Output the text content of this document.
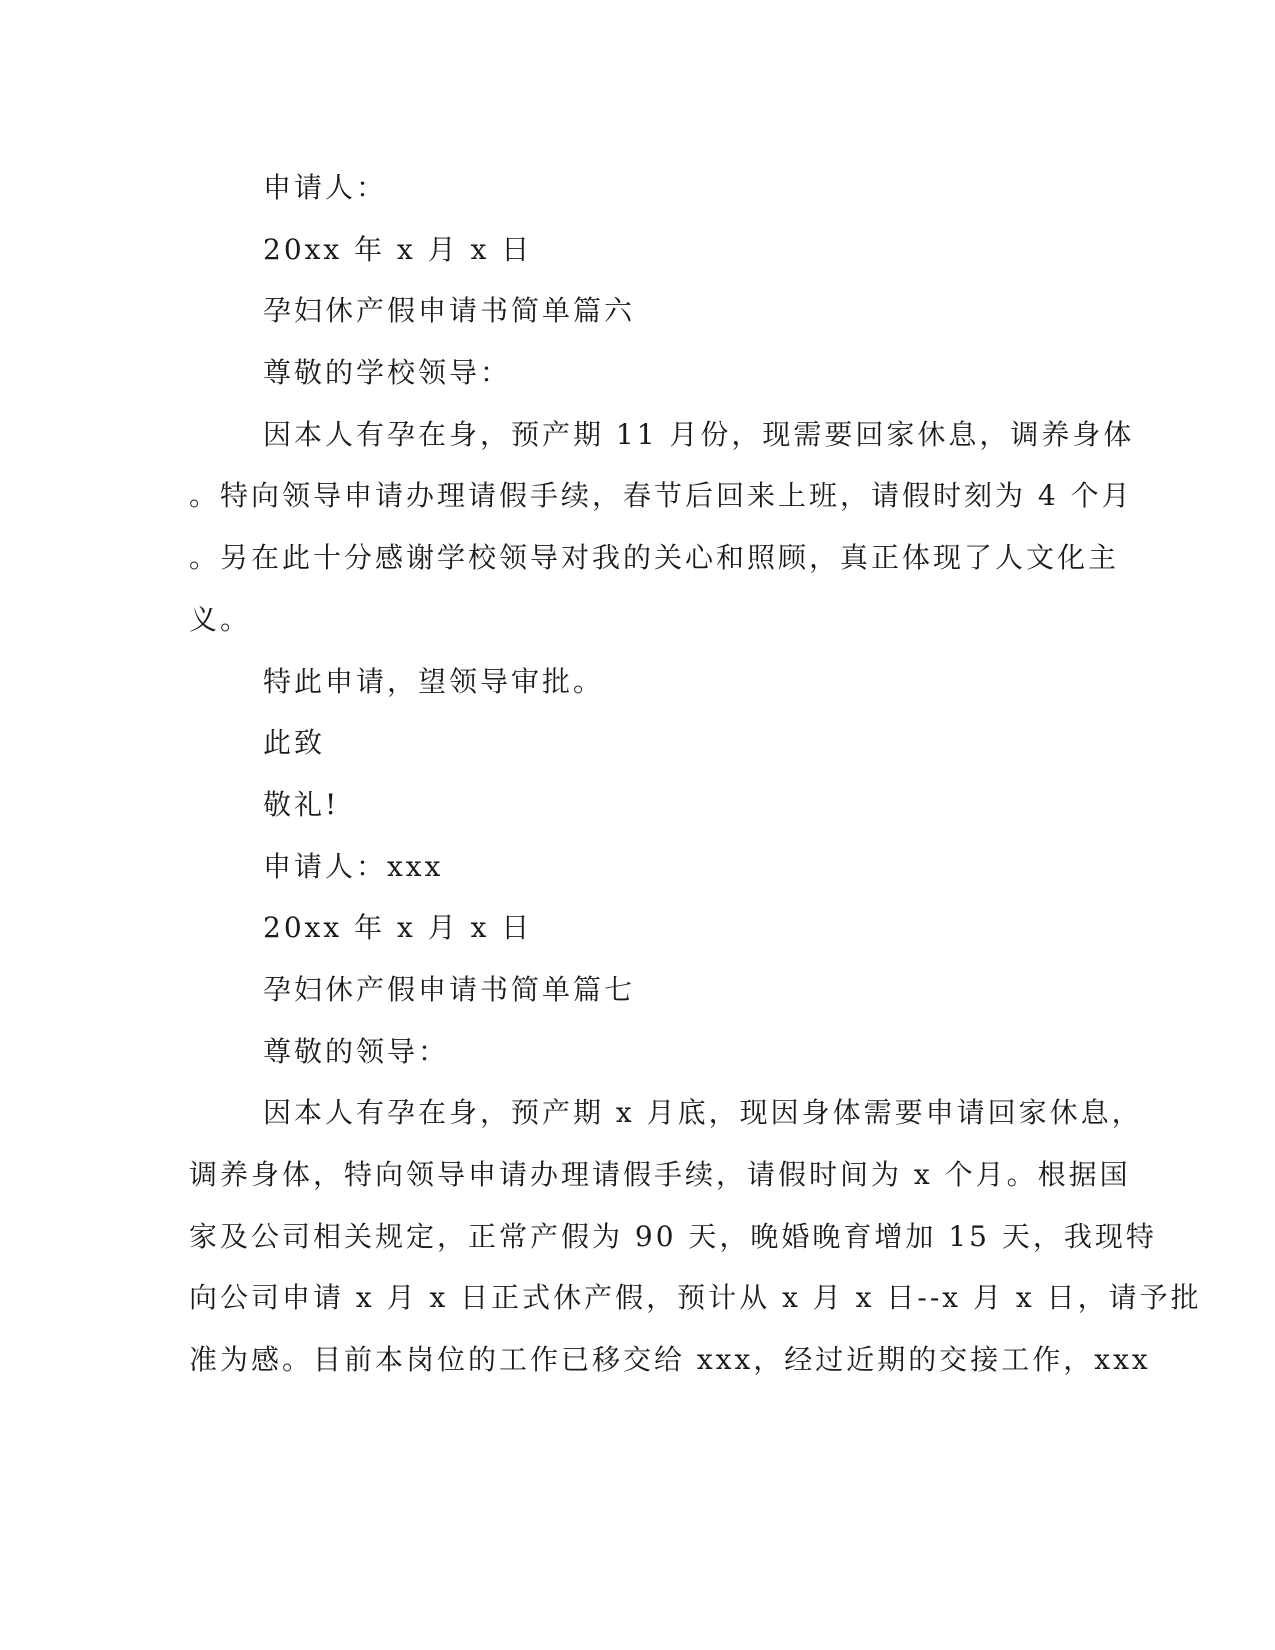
申请人：
20xx 年 x 月 x 日
孕妇休产假申请书简单篇六
尊敬的学校领导：
因本人有孕在身，预产期 11 月份，现需要回家休息，调养身体
。特向领导申请办理请假手续，春节后回来上班，请假时刻为 4 个月
。另在此十分感谢学校领导对我的关心和照顾，真正体现了人文化主
义。
特此申请，望领导审批。
此致
敬礼!
申请人：xxx
20xx 年 x 月 x 日
孕妇休产假申请书简单篇七
尊敬的领导：
因本人有孕在身，预产期 x 月底，现因身体需要申请回家休息，
调养身体，特向领导申请办理请假手续，请假时间为 x 个月。根据国
家及公司相关规定，正常产假为 90 天，晚婚晚育增加 15 天，我现特
向公司申请 x 月 x 日正式休产假，预计从 x 月 x 日--x 月 x 日，请予批
准为感。目前本岗位的工作已移交给 xxx，经过近期的交接工作，xxx
